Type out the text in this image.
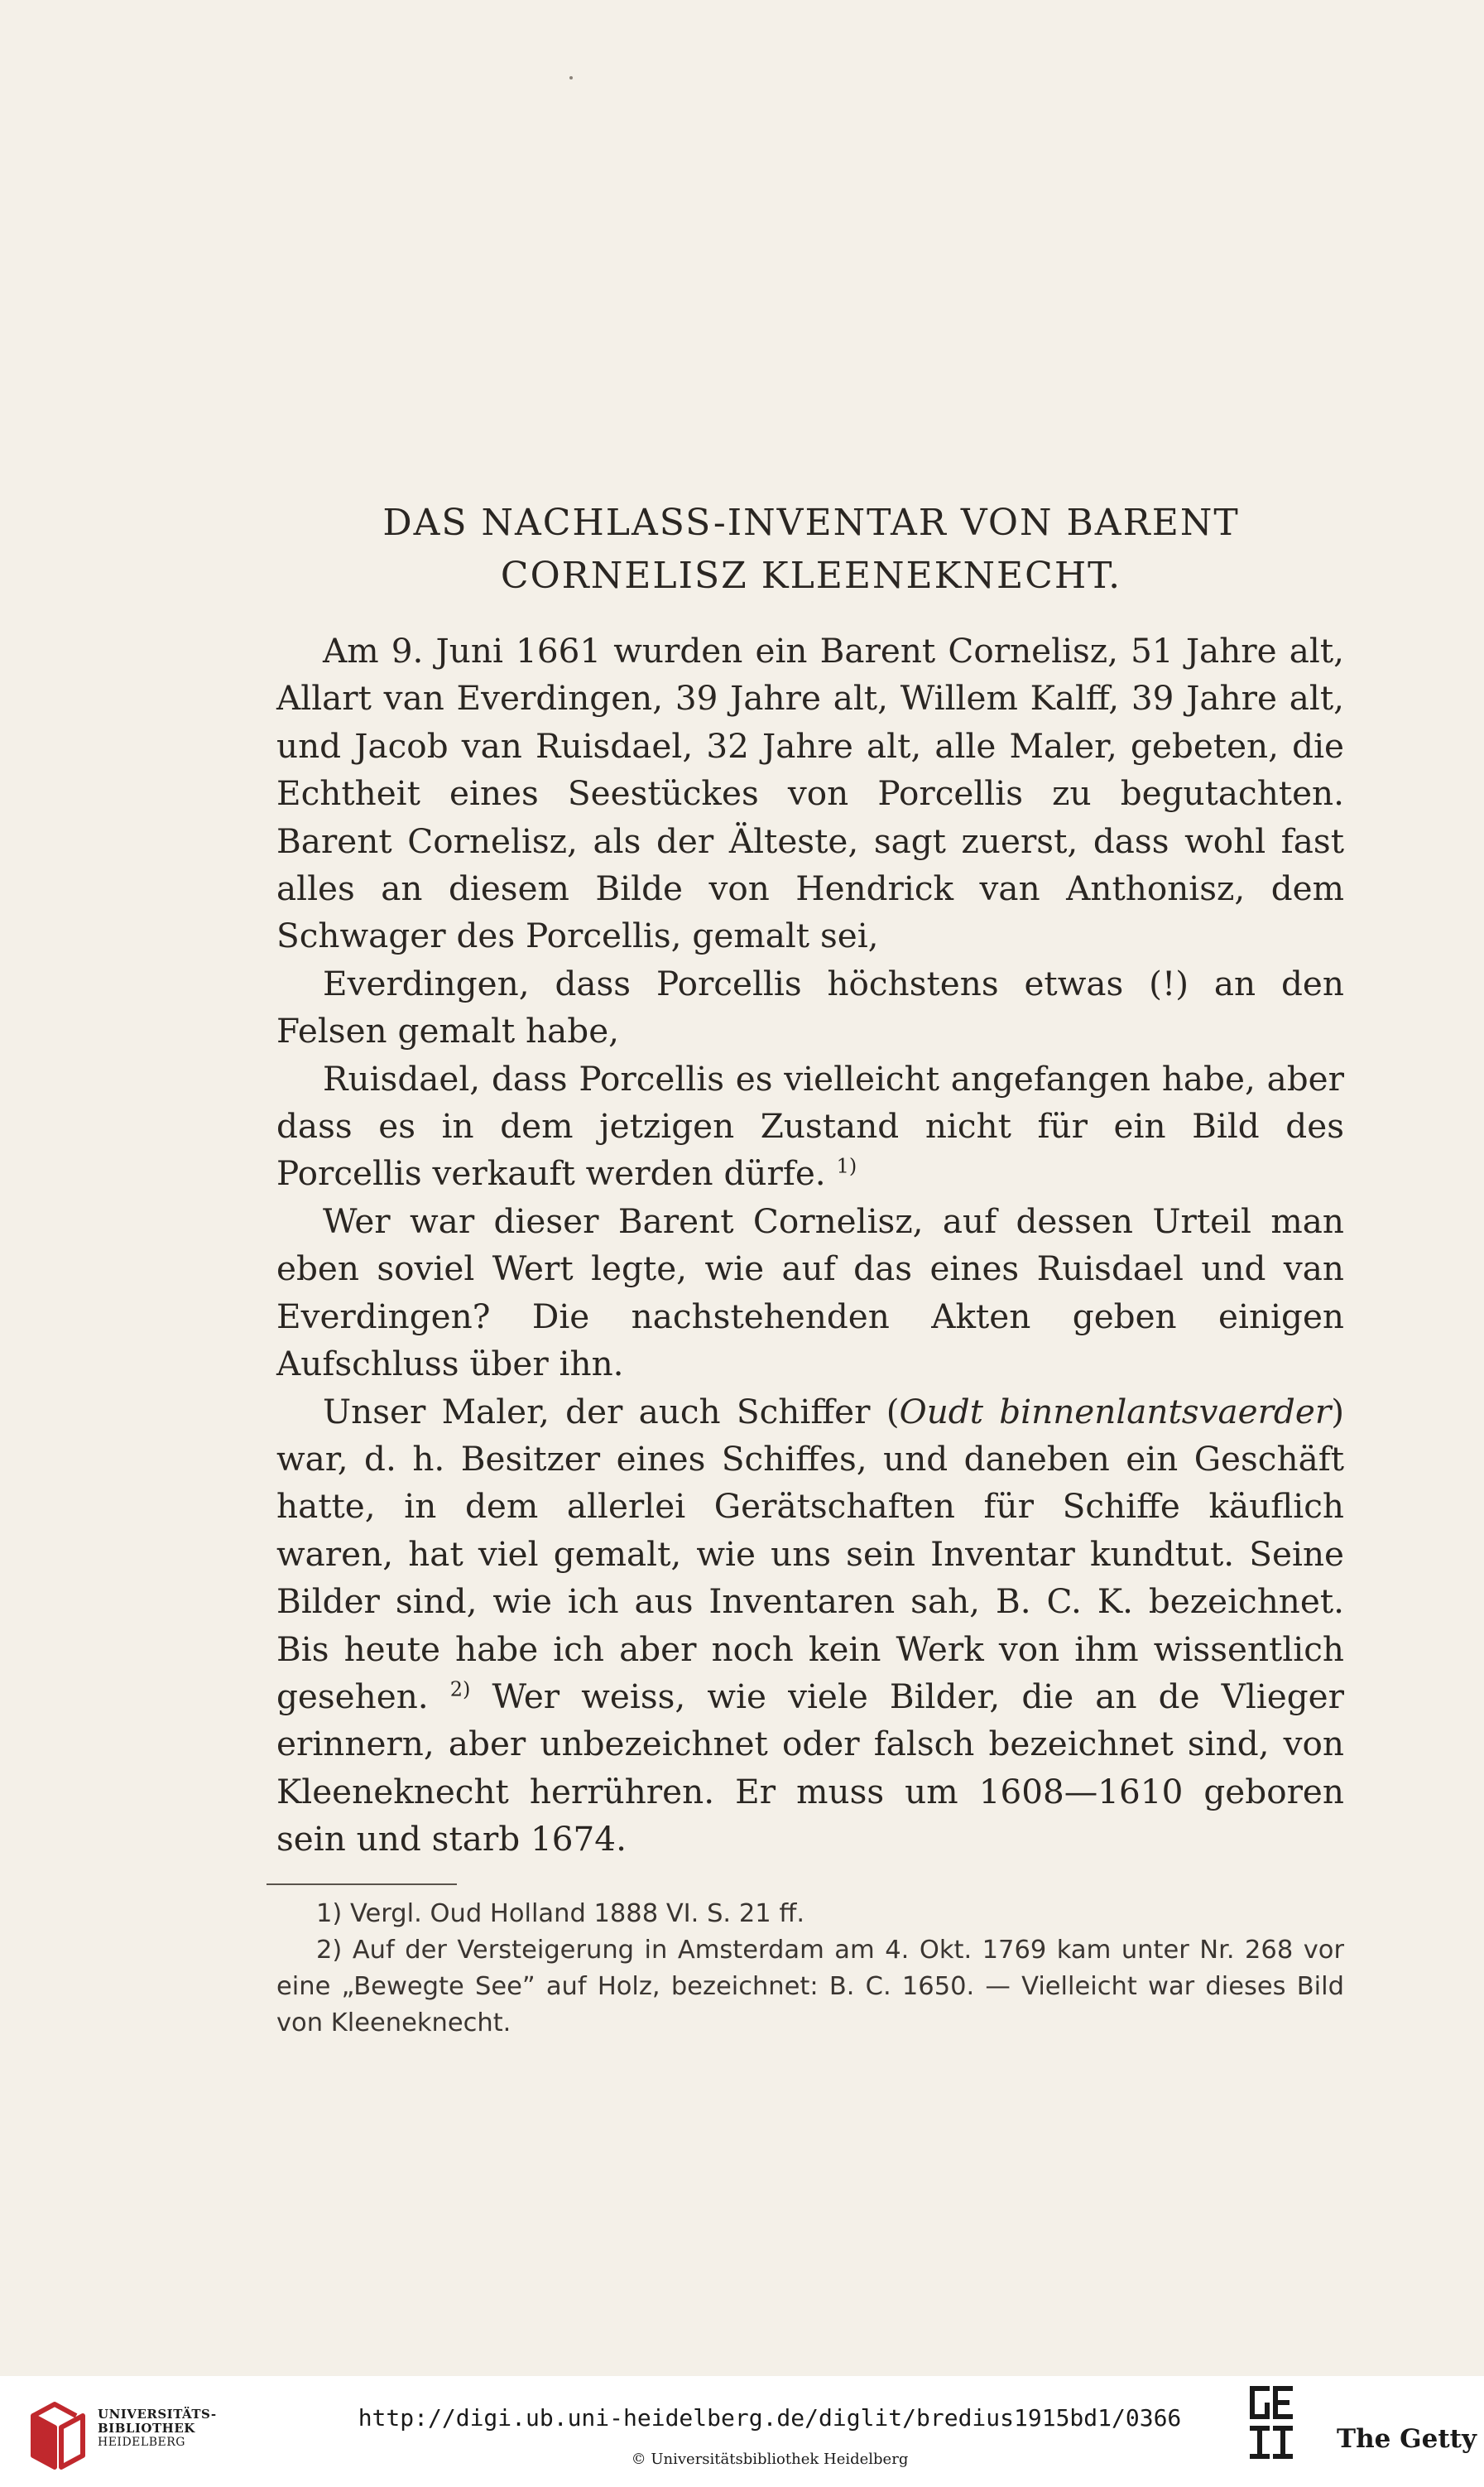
DAS NACHLASS-INVENTAR VON BARENT
CORNELISZ KLEENEKNECHT.

Am 9. Juni 1661 wurden ein Barent Cornelisz, 51 Jahre alt, Allart van Everdingen, 39 Jahre alt, Willem Kalff, 39 Jahre alt, und Jacob van Ruisdael, 32 Jahre alt, alle Maler, gebeten, die Echtheit eines Seestückes von Porcellis zu begutachten. Barent Cornelisz, als der Älteste, sagt zuerst, dass wohl fast alles an diesem Bilde von Hendrick van Anthonisz, dem Schwager des Porcellis, gemalt sei,

Everdingen, dass Porcellis höchstens etwas (!) an den Felsen gemalt habe,

Ruisdael, dass Porcellis es vielleicht angefangen habe, aber dass es in dem jetzigen Zustand nicht für ein Bild des Porcellis verkauft werden dürfe. $^{1)}$

Wer war dieser Barent Cornelisz, auf dessen Urteil man eben soviel Wert legte, wie auf das eines Ruisdael und van Everdingen? Die nachstehenden Akten geben einigen Aufschluss über ihn.

Unser Maler, der auch Schiffer (Oudt binnenlantsvaerder) war, d. h. Besitzer eines Schiffes, und daneben ein Geschäft hatte, in dem allerlei Gerätschaften für Schiffe käuflich waren, hat viel gemalt, wie uns sein Inventar kundtut. Seine Bilder sind, wie ich aus Inventaren sah, B. C. K. bezeichnet. Bis heute habe ich aber noch kein Werk von ihm wissentlich gesehen. $^{2)}$ Wer weiss, wie viele Bilder, die an de Vlieger erinnern, aber unbezeichnet oder falsch bezeichnet sind, von Kleeneknecht herrühren. Er muss um 1608—1610 geboren sein und starb 1674.

1) Vergl. Oud Holland 1888 VI. S. 21 ff.

2) Auf der Versteigerung in Amsterdam am 4. Okt. 1769 kam unter Nr. 268 vor eine „Bewegte See” auf Holz, bezeichnet: B. C. 1650. — Vielleicht war dieses Bild von Kleeneknecht.

UNIVERSITÄTS-
BIBLIOTHEK
HEIDELBERG
http://digi.ub.uni-heidelberg.de/diglit/bredius1915bd1/0366
© Universitätsbibliothek Heidelberg
The Getty
